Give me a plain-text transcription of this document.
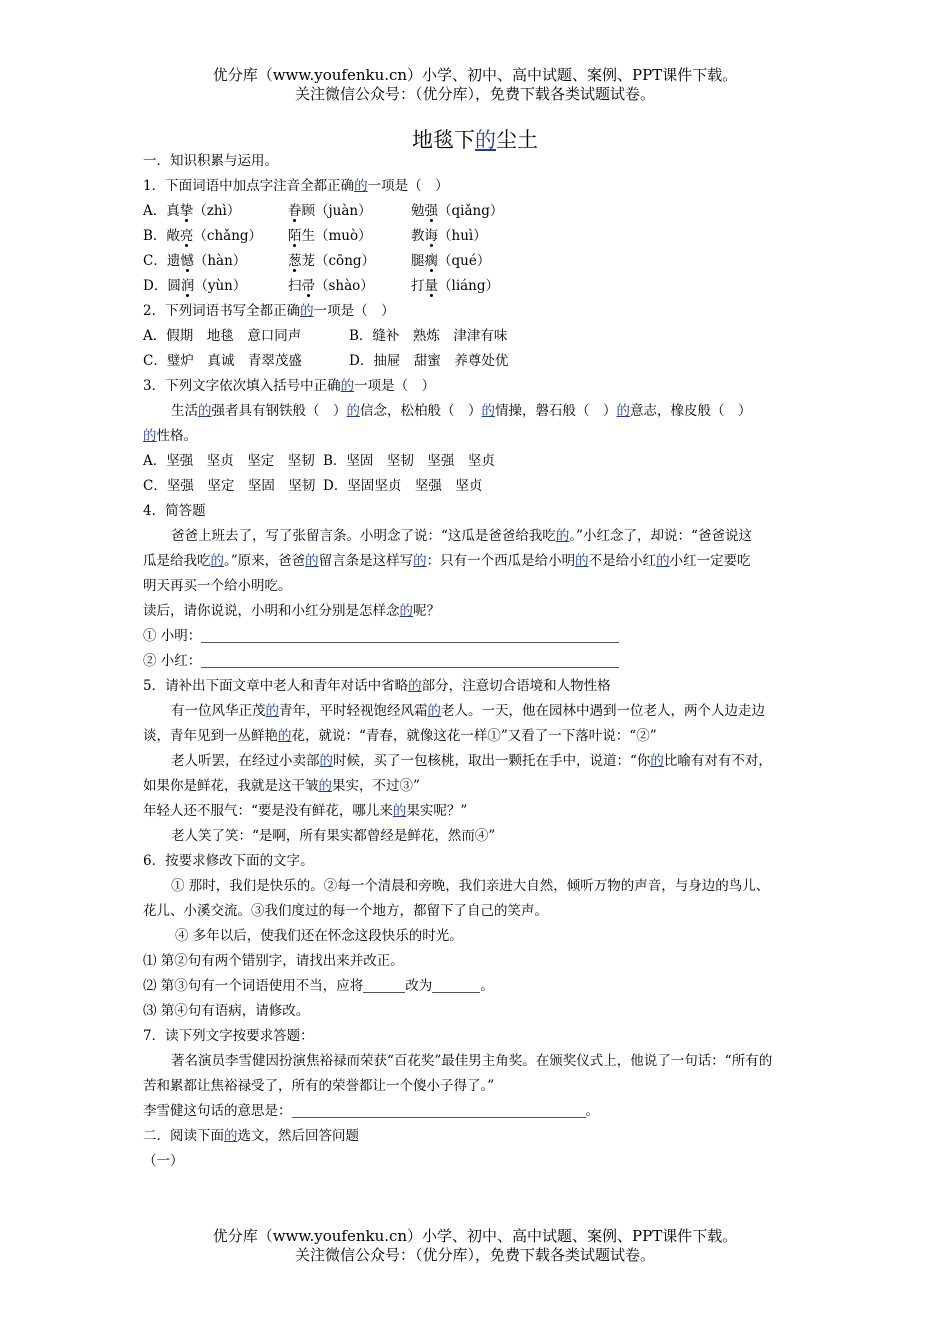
优分库（www.youfenku.cn）小学、初中、高中试题、案例、PPT课件下载。
关注微信公众号：（优分库），免费下载各类试题试卷。
地毯下的尘土
一．知识积累与运用。
1．下面词语中加点字注音全都正确的一项是（　）
A．真挚（zhì）	眷顾（juàn）	勉强（qiǎng）
B．敞亮（chǎng） 陌生（muò）	教诲（huì）
C．遗憾（hàn）	葱茏（cōng）	腿瘸（qué）
D．圆润（yùn）	扫帚（shào）	打量（liáng）
2．下列词语书写全都正确的一项是（　）
A．假期　地毯　意口同声	B．缝补　熟炼　津津有味
C．璧炉　真诚　青翠茂盛	D．抽屉　甜蜜　养尊处优
3．下列文字依次填入括号中正确的一项是（　）
生活的强者具有钢铁般（　）的信念，松柏般（　）的情操，磐石般（　）的意志，橡皮般（　）
的性格。
A．坚强　坚贞　坚定　坚韧 B．坚固　坚韧　坚强　坚贞
C．坚强　坚定　坚固　坚韧 D．坚固坚贞　坚强　坚贞
4．简答题
爸爸上班去了，写了张留言条。小明念了说：“这瓜是爸爸给我吃的。”小红念了，却说：“爸爸说这
瓜是给我吃的。”原来，爸爸的留言条是这样写的：只有一个西瓜是给小明的不是给小红的小红一定要吃
明天再买一个给小明吃。
读后，请你说说，小明和小红分别是怎样念的呢？
① 小明：
② 小红：
5．请补出下面文章中老人和青年对话中省略的部分，注意切合语境和人物性格
有一位风华正茂的青年，平时轻视饱经风霜的老人。一天，他在园林中遇到一位老人，两个人边走边
谈，青年见到一丛鲜艳的花，就说：“青春，就像这花一样①”又看了一下落叶说：“②”
老人听罢，在经过小卖部的时候，买了一包核桃，取出一颗托在手中，说道：“你的比喻有对有不对，
如果你是鲜花，我就是这干皱的果实，不过③”
年轻人还不服气：“要是没有鲜花，哪儿来的果实呢？”
老人笑了笑：“是啊，所有果实都曾经是鲜花，然而④”
6．按要求修改下面的文字。
① 那时，我们是快乐的。②每一个清晨和旁晚，我们亲进大自然，倾听万物的声音，与身边的鸟儿、
花儿、小溪交流。③我们度过的每一个地方，都留下了自己的笑声。
④ 多年以后，使我们还在怀念这段快乐的时光。
⑴ 第②句有两个错别字，请找出来并改正。
⑵ 第③句有一个词语使用不当，应将	改为	。
⑶ 第④句有语病，请修改。
7．读下列文字按要求答题：
著名演员李雪健因扮演焦裕禄而荣获“百花奖”最佳男主角奖。在颁奖仪式上，他说了一句话：“所有的
苦和累都让焦裕禄受了，所有的荣誉都让一个傻小子得了。”
李雪健这句话的意思是：	。
二．阅读下面的选文，然后回答问题
（一）
优分库（www.youfenku.cn）小学、初中、高中试题、案例、PPT课件下载。
关注微信公众号：（优分库），免费下载各类试题试卷。
